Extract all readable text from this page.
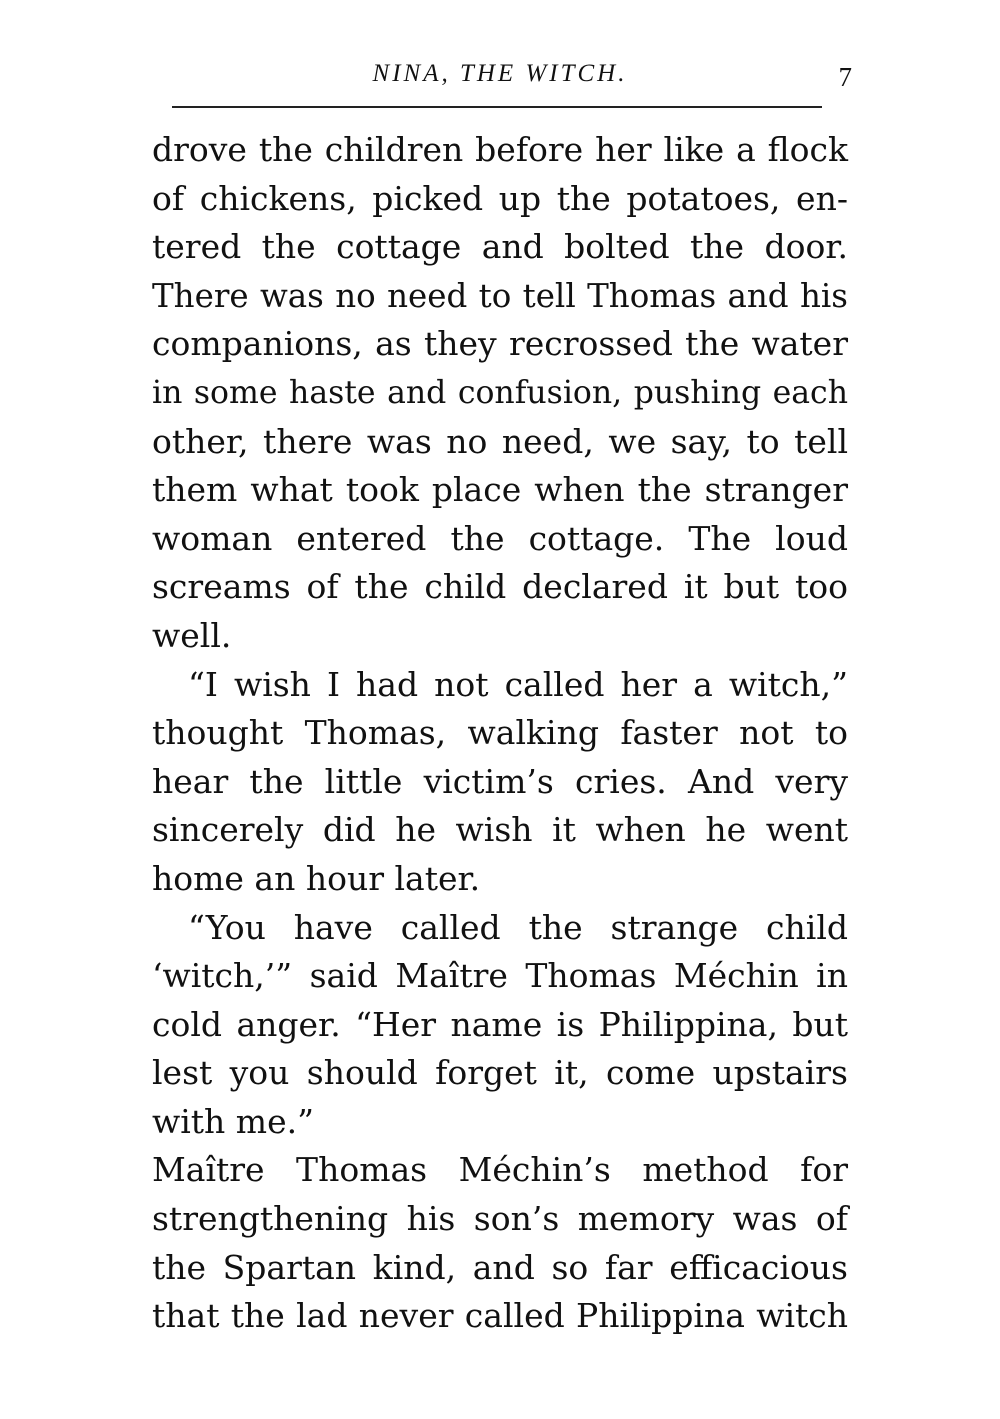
NINA, THE WITCH.	7
drove the children before her like a flock
of chickens, picked up the potatoes, en-
tered the cottage and bolted the door.
There was no need to tell Thomas and his
companions, as they recrossed the water
in some haste and confusion, pushing each
other, there was no need, we say, to tell
them what took place when the stranger
woman entered the cottage. The loud
screams of the child declared it but too
well.
“I wish I had not called her a witch,”
thought Thomas, walking faster not to
hear the little victim’s cries. And very
sincerely did he wish it when he went
home an hour later.
“You have called the strange child
‘witch,’” said Maître Thomas Méchin in
cold anger. “Her name is Philippina, but
lest you should forget it, come upstairs
with me.”
Maître Thomas Méchin’s method for
strengthening his son’s memory was of
the Spartan kind, and so far efficacious
that the lad never called Philippina witch
